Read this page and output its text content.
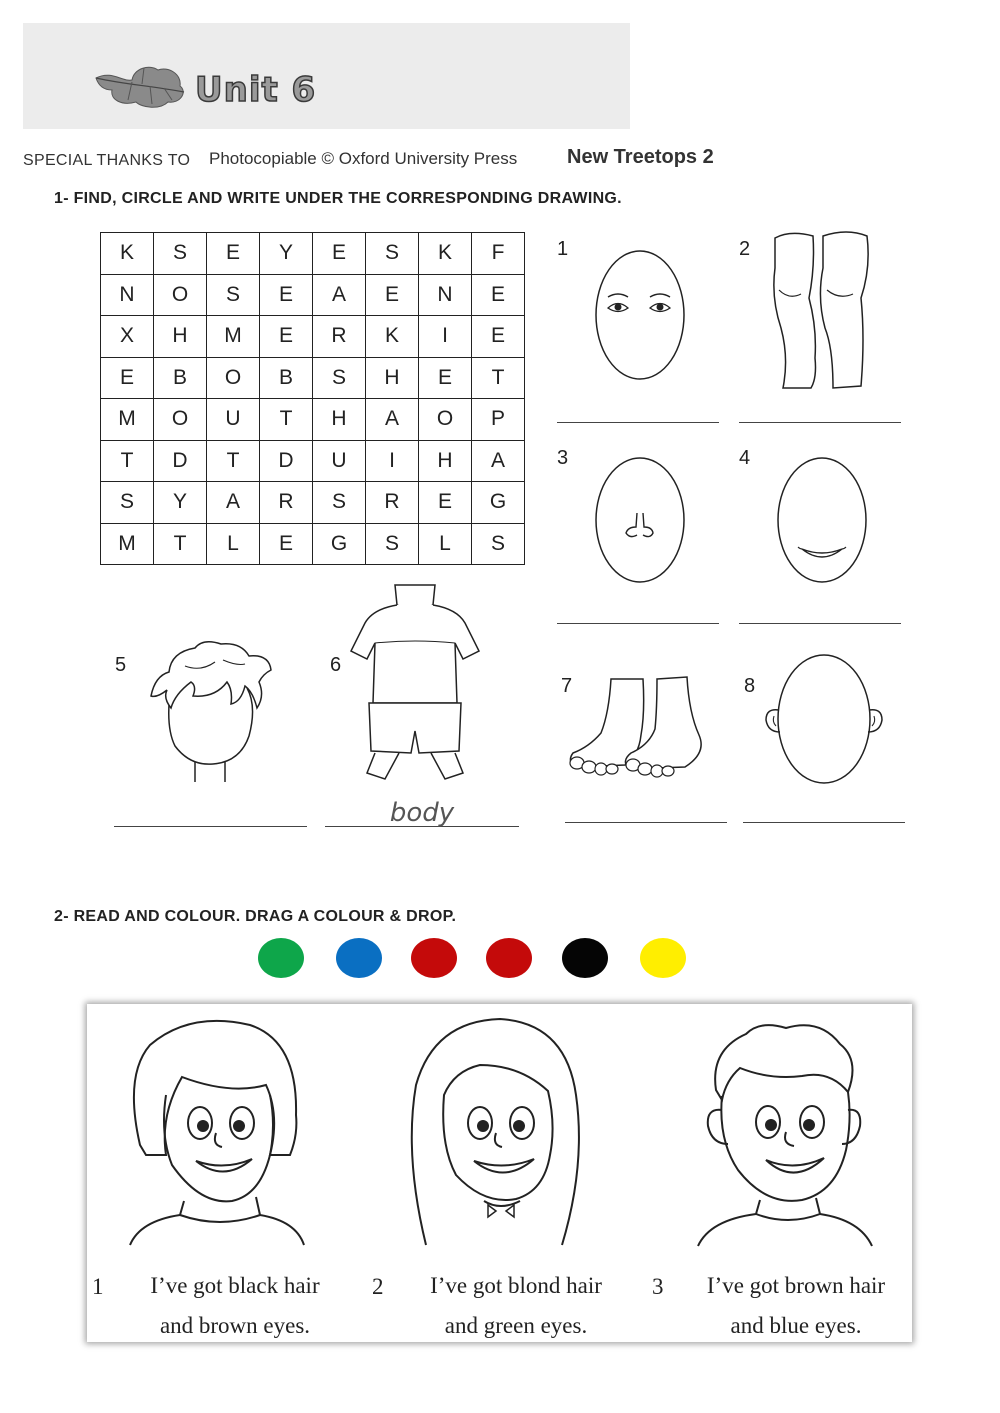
Unit 6
SPECIAL THANKS TO Photocopiable © Oxford University Press New Treetops 2
1- FIND, CIRCLE AND WRITE UNDER THE CORRESPONDING DRAWING.
K	S	E	Y	E	S	K	F
N	O	S	E	A	E	N	E
X	H	M	E	R	K	I	E
E	B	O	B	S	H	E	T
M	O	U	T	H	A	O	P
T	D	T	D	U	I	H	A
S	Y	A	R	S	R	E	G
M	T	L	E	G	S	L	S
1	2
3	4
5	6
7	8
body
2- READ AND COLOUR. DRAG A COLOUR & DROP.
1	I’ve got black hair
and brown eyes.
2	I’ve got blond hair
and green eyes.
3	I’ve got brown hair
and blue eyes.
